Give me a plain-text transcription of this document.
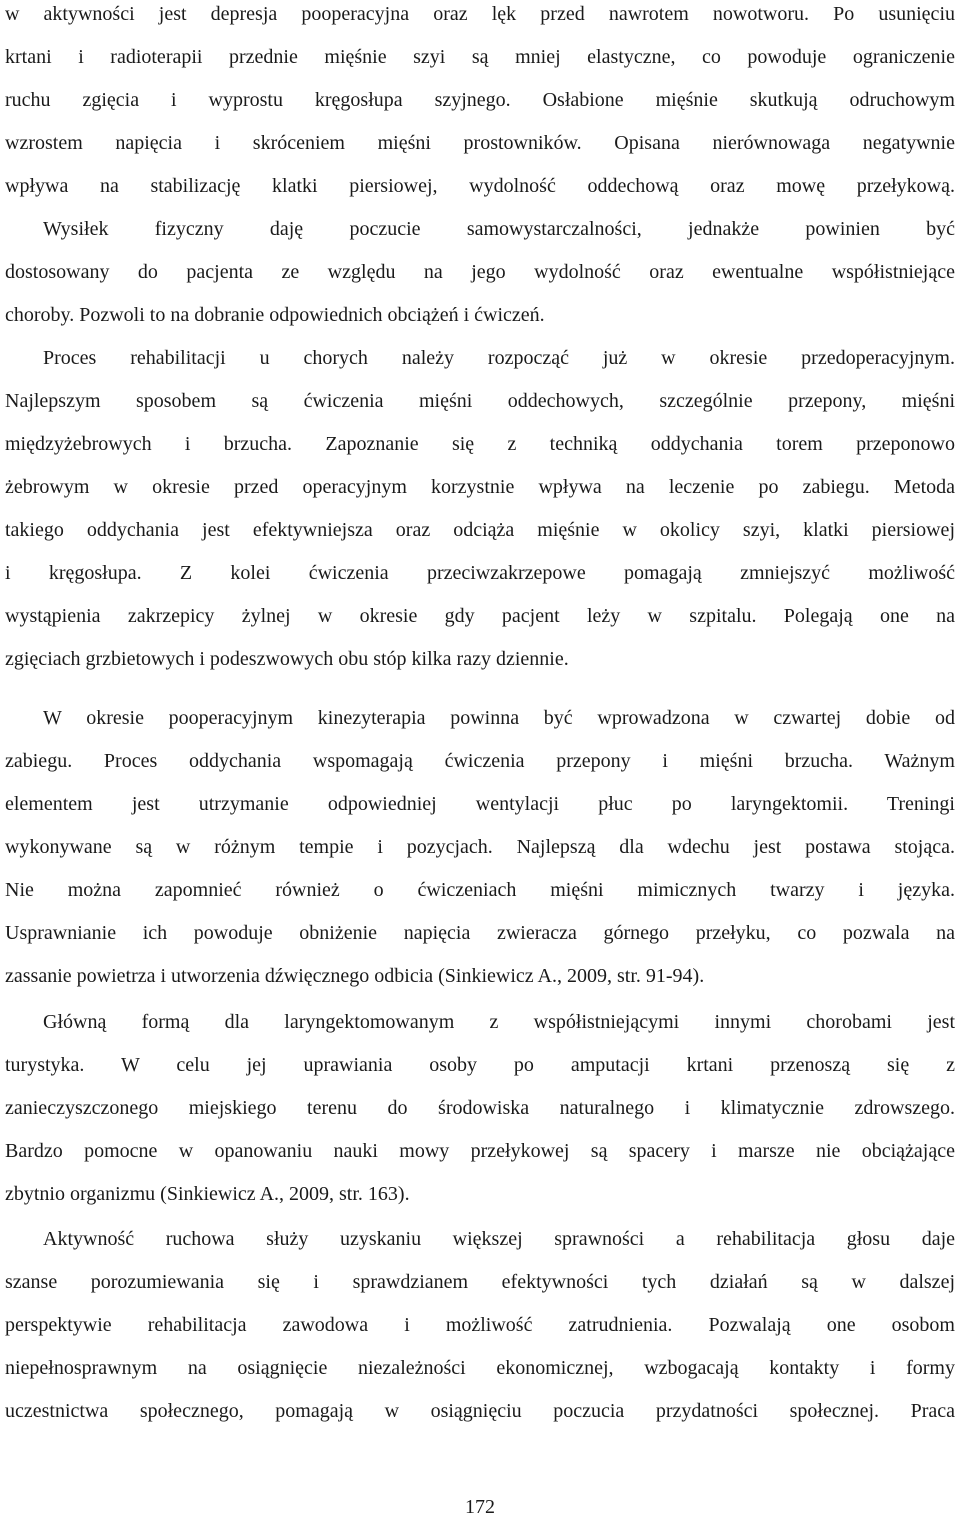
w aktywności jest depresja pooperacyjna oraz lęk przed nawrotem nowotworu. Po usunięciu
krtani i radioterapii przednie mięśnie szyi są mniej elastyczne, co powoduje ograniczenie
ruchu zgięcia i wyprostu kręgosłupa szyjnego. Osłabione mięśnie skutkują odruchowym
wzrostem napięcia i skróceniem mięśni prostowników. Opisana nierównowaga negatywnie
wpływa na stabilizację klatki piersiowej, wydolność oddechową oraz mowę przełykową.
Wysiłek fizyczny daję poczucie samowystarczalności, jednakże powinien być
dostosowany do pacjenta ze względu na jego wydolność oraz ewentualne współistniejące
choroby. Pozwoli to na dobranie odpowiednich obciążeń i ćwiczeń.
Proces rehabilitacji u chorych należy rozpocząć już w okresie przedoperacyjnym.
Najlepszym sposobem są ćwiczenia mięśni oddechowych, szczególnie przepony, mięśni
międzyżebrowych i brzucha. Zapoznanie się z techniką oddychania torem przeponowo
żebrowym w okresie przed operacyjnym korzystnie wpływa na leczenie po zabiegu. Metoda
takiego oddychania jest efektywniejsza oraz odciąża mięśnie w okolicy szyi, klatki piersiowej
i kręgosłupa. Z kolei ćwiczenia przeciwzakrzepowe pomagają zmniejszyć możliwość
wystąpienia zakrzepicy żylnej w okresie gdy pacjent leży w szpitalu. Polegają one na
zgięciach grzbietowych i podeszwowych obu stóp kilka razy dziennie.
W okresie pooperacyjnym kinezyterapia powinna być wprowadzona w czwartej dobie od
zabiegu. Proces oddychania wspomagają ćwiczenia przepony i mięśni brzucha. Ważnym
elementem jest utrzymanie odpowiedniej wentylacji płuc po laryngektomii. Treningi
wykonywane są w różnym tempie i pozycjach. Najlepszą dla wdechu jest postawa stojąca.
Nie można zapomnieć również o ćwiczeniach mięśni mimicznych twarzy i języka.
Usprawnianie ich powoduje obniżenie napięcia zwieracza górnego przełyku, co pozwala na
zassanie powietrza i utworzenia dźwięcznego odbicia (Sinkiewicz A., 2009, str. 91-94).
Główną formą dla laryngektomowanym z współistniejącymi innymi chorobami jest
turystyka. W celu jej uprawiania osoby po amputacji krtani przenoszą się z
zanieczyszczonego miejskiego terenu do środowiska naturalnego i klimatycznie zdrowszego.
Bardzo pomocne w opanowaniu nauki mowy przełykowej są spacery i marsze nie obciążające
zbytnio organizmu (Sinkiewicz A., 2009, str. 163).
Aktywność ruchowa służy uzyskaniu większej sprawności a rehabilitacja głosu daje
szanse porozumiewania się i sprawdzianem efektywności tych działań są w dalszej
perspektywie rehabilitacja zawodowa i możliwość zatrudnienia. Pozwalają one osobom
niepełnosprawnym na osiągnięcie niezależności ekonomicznej, wzbogacają kontakty i formy
uczestnictwa społecznego, pomagają w osiągnięciu poczucia przydatności społecznej. Praca
172
